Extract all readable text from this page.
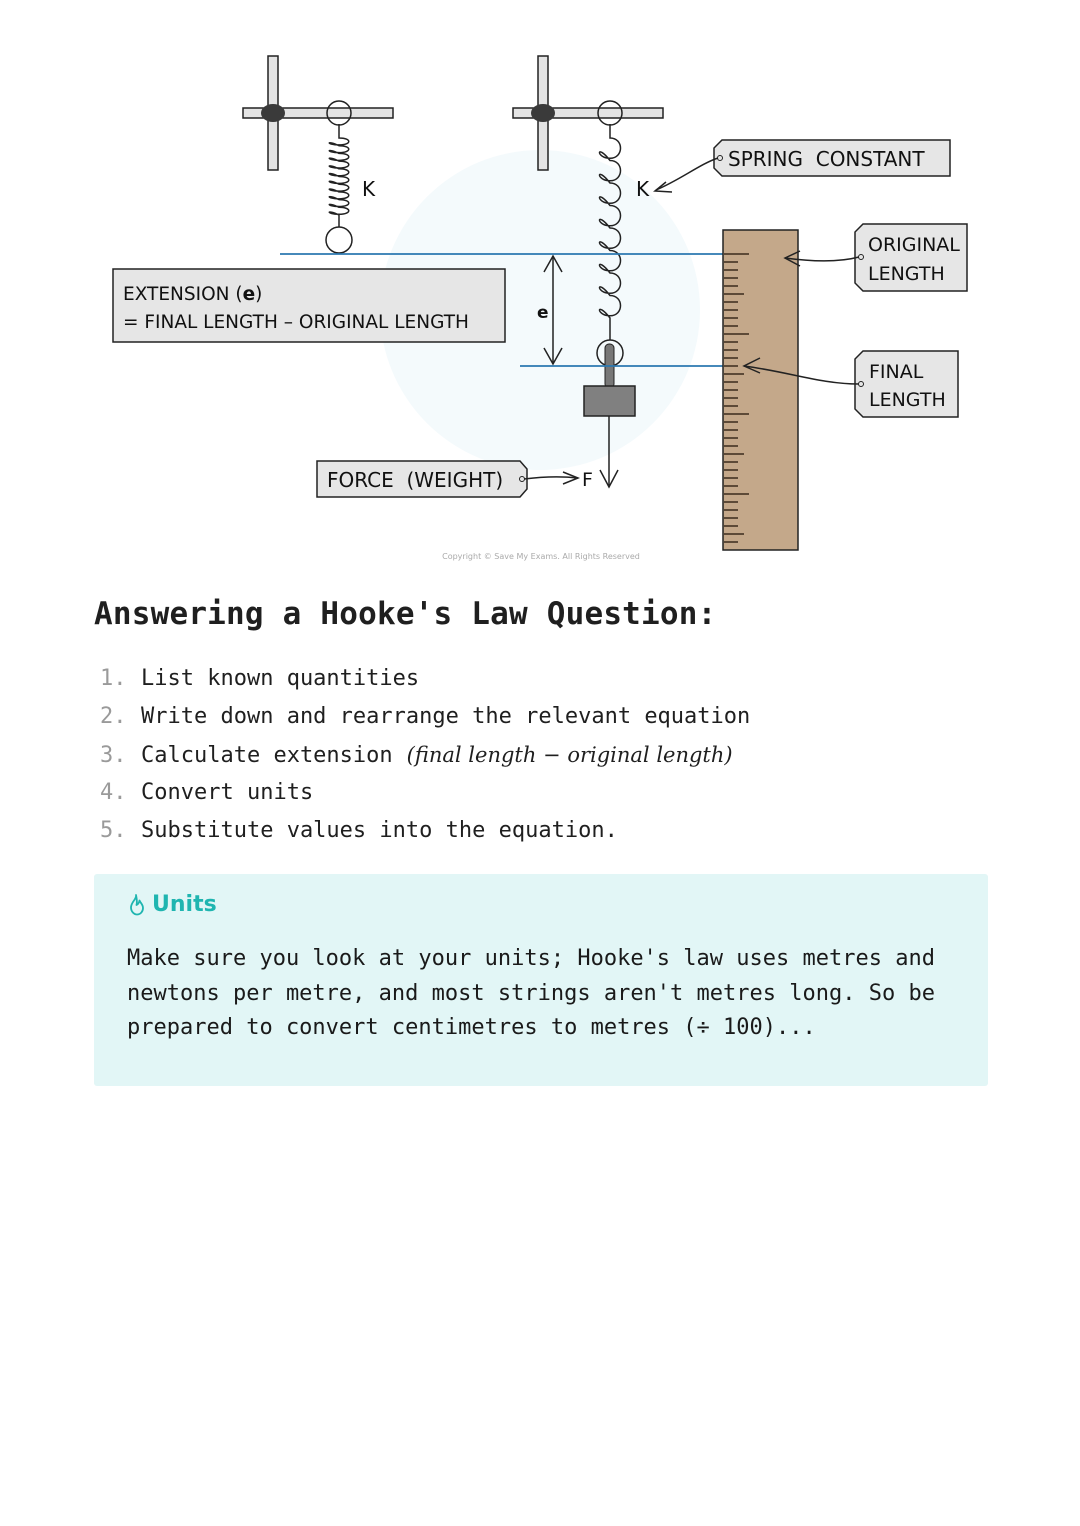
K	K
e
EXTENSION (e)
= FINAL LENGTH – ORIGINAL LENGTH
SPRING  CONSTANT
ORIGINAL
LENGTH
FINAL
LENGTH
FORCE  (WEIGHT)	F
Copyright © Save My Exams. All Rights Reserved
Answering a Hooke's Law Question:
1. List known quantities
2. Write down and rearrange the relevant equation
3. Calculate extension (final length − original length)
4. Convert units
5. Substitute values into the equation.
Units

Make sure you look at your units; Hooke's law uses metres and newtons per metre, and most strings aren't metres long. So be prepared to convert centimetres to metres (÷ 100)...
